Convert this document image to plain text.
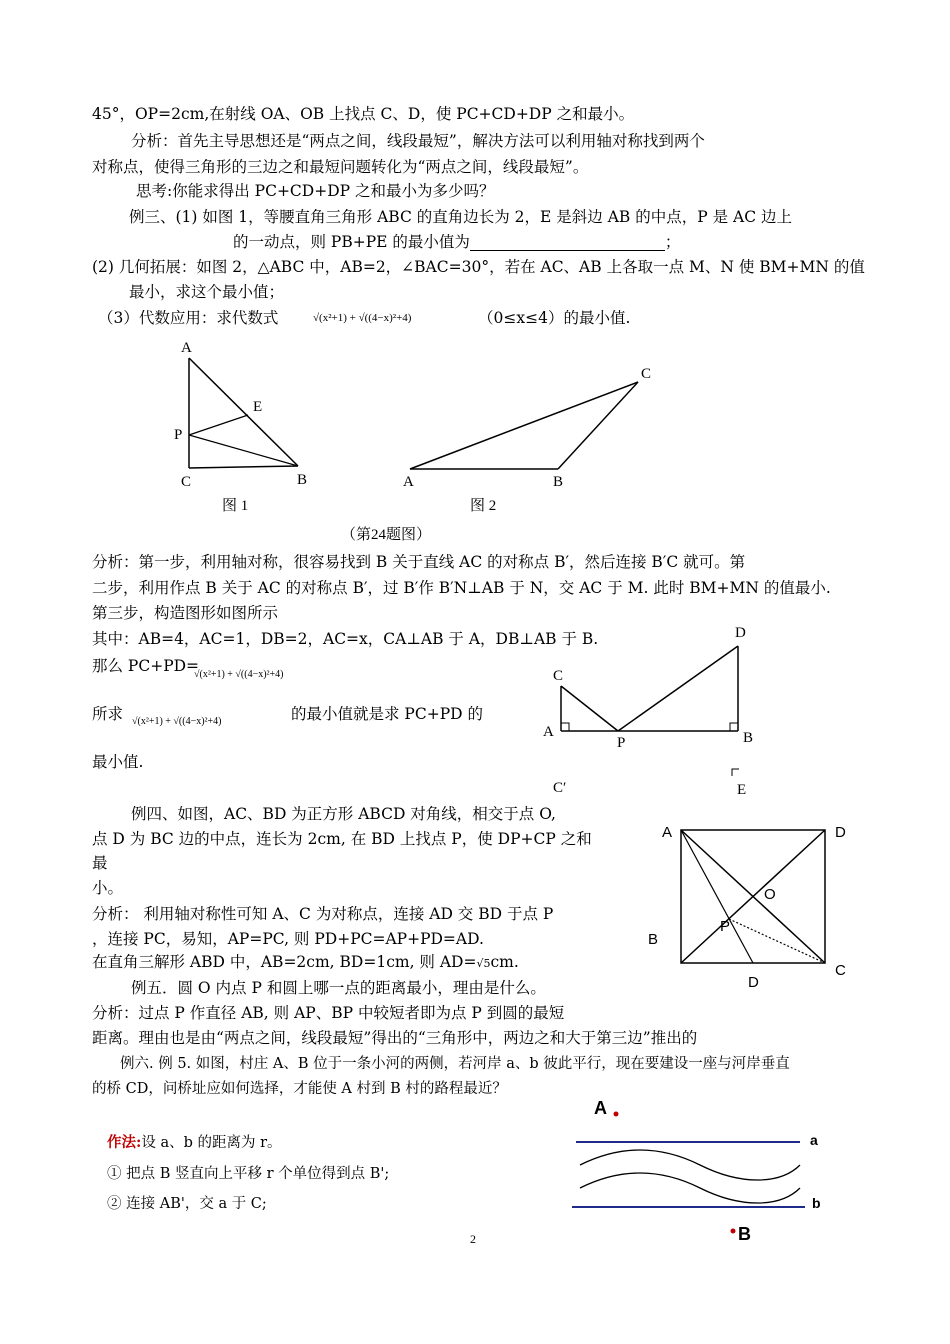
45°，OP=2cm,在射线 OA、OB 上找点 C、D，使 PC+CD+DP 之和最小。
分析：首先主导思想还是“两点之间，线段最短”，解决方法可以利用轴对称找到两个
对称点，使得三角形的三边之和最短问题转化为“两点之间，线段最短”。
思考:你能求得出 PC+CD+DP 之和最小为多少吗？
例三、(1) 如图 1，等腰直角三角形 ABC 的直角边长为 2，E 是斜边 AB 的中点，P 是 AC 边上
的一动点，则 PB+PE 的最小值为	；
(2) 几何拓展：如图 2，△ABC 中，AB=2，∠BAC=30°，若在 AC、AB 上各取一点 M、N 使 BM+MN 的值
最小，求这个最小值；
（3）代数应用：求代数式	√(x²+1) + √((4−x)²+4)	（0≤x≤4）的最小值.
A
E
P
C	B
图 1
A	B
C
图 2
（第24题图）
分析：第一步，利用轴对称，很容易找到 B 关于直线 AC 的对称点 B′，然后连接 B′C 就可。第
二步，利用作点 B 关于 AC 的对称点 B′，过 B′作 B′N⊥AB 于 N，交 AC 于 M. 此时 BM+MN 的值最小.
第三步，构造图形如图所示
其中：AB=4，AC=1，DB=2，AC=x，CA⊥AB 于 A，DB⊥AB 于 B.
那么 PC+PD=
√(x²+1) + √((4−x)²+4)
所求 √(x²+1) + √((4−x)²+4)	的最小值就是求 PC+PD 的
最小值.
D
C
A
P	B
C′	E
例四、如图，AC、BD 为正方形 ABCD 对角线，相交于点 O,
点 D 为 BC 边的中点，连长为 2cm, 在 BD 上找点 P，使 DP+CP 之和
最
小。
分析： 利用轴对称性可知 A、C 为对称点，连接 AD 交 BD 于点 P
，连接 PC，易知，AP=PC, 则 PD+PC=AP+PD=AD.
在直角三解形 ABD 中，AB=2cm, BD=1cm, 则 AD=√5cm.
例五．圆 O 内点 P 和圆上哪一点的距离最小，理由是什么。
分析：过点 P 作直径 AB, 则 AP、BP 中较短者即为点 P 到圆的最短
距离。理由也是由“两点之间，线段最短”得出的“三角形中，两边之和大于第三边”推出的
A	D
O
P
B
C
D
例六. 例 5. 如图，村庄 A、B 位于一条小河的两侧，若河岸 a、b 彼此平行，现在要建设一座与河岸垂直
的桥 CD，问桥址应如何选择，才能使 A 村到 B 村的路程最近？
作法:设 a、b 的距离为 r。
① 把点 B 竖直向上平移 r 个单位得到点 B';
② 连接 AB'，交 a 于 C;
A
a
b
B
2
